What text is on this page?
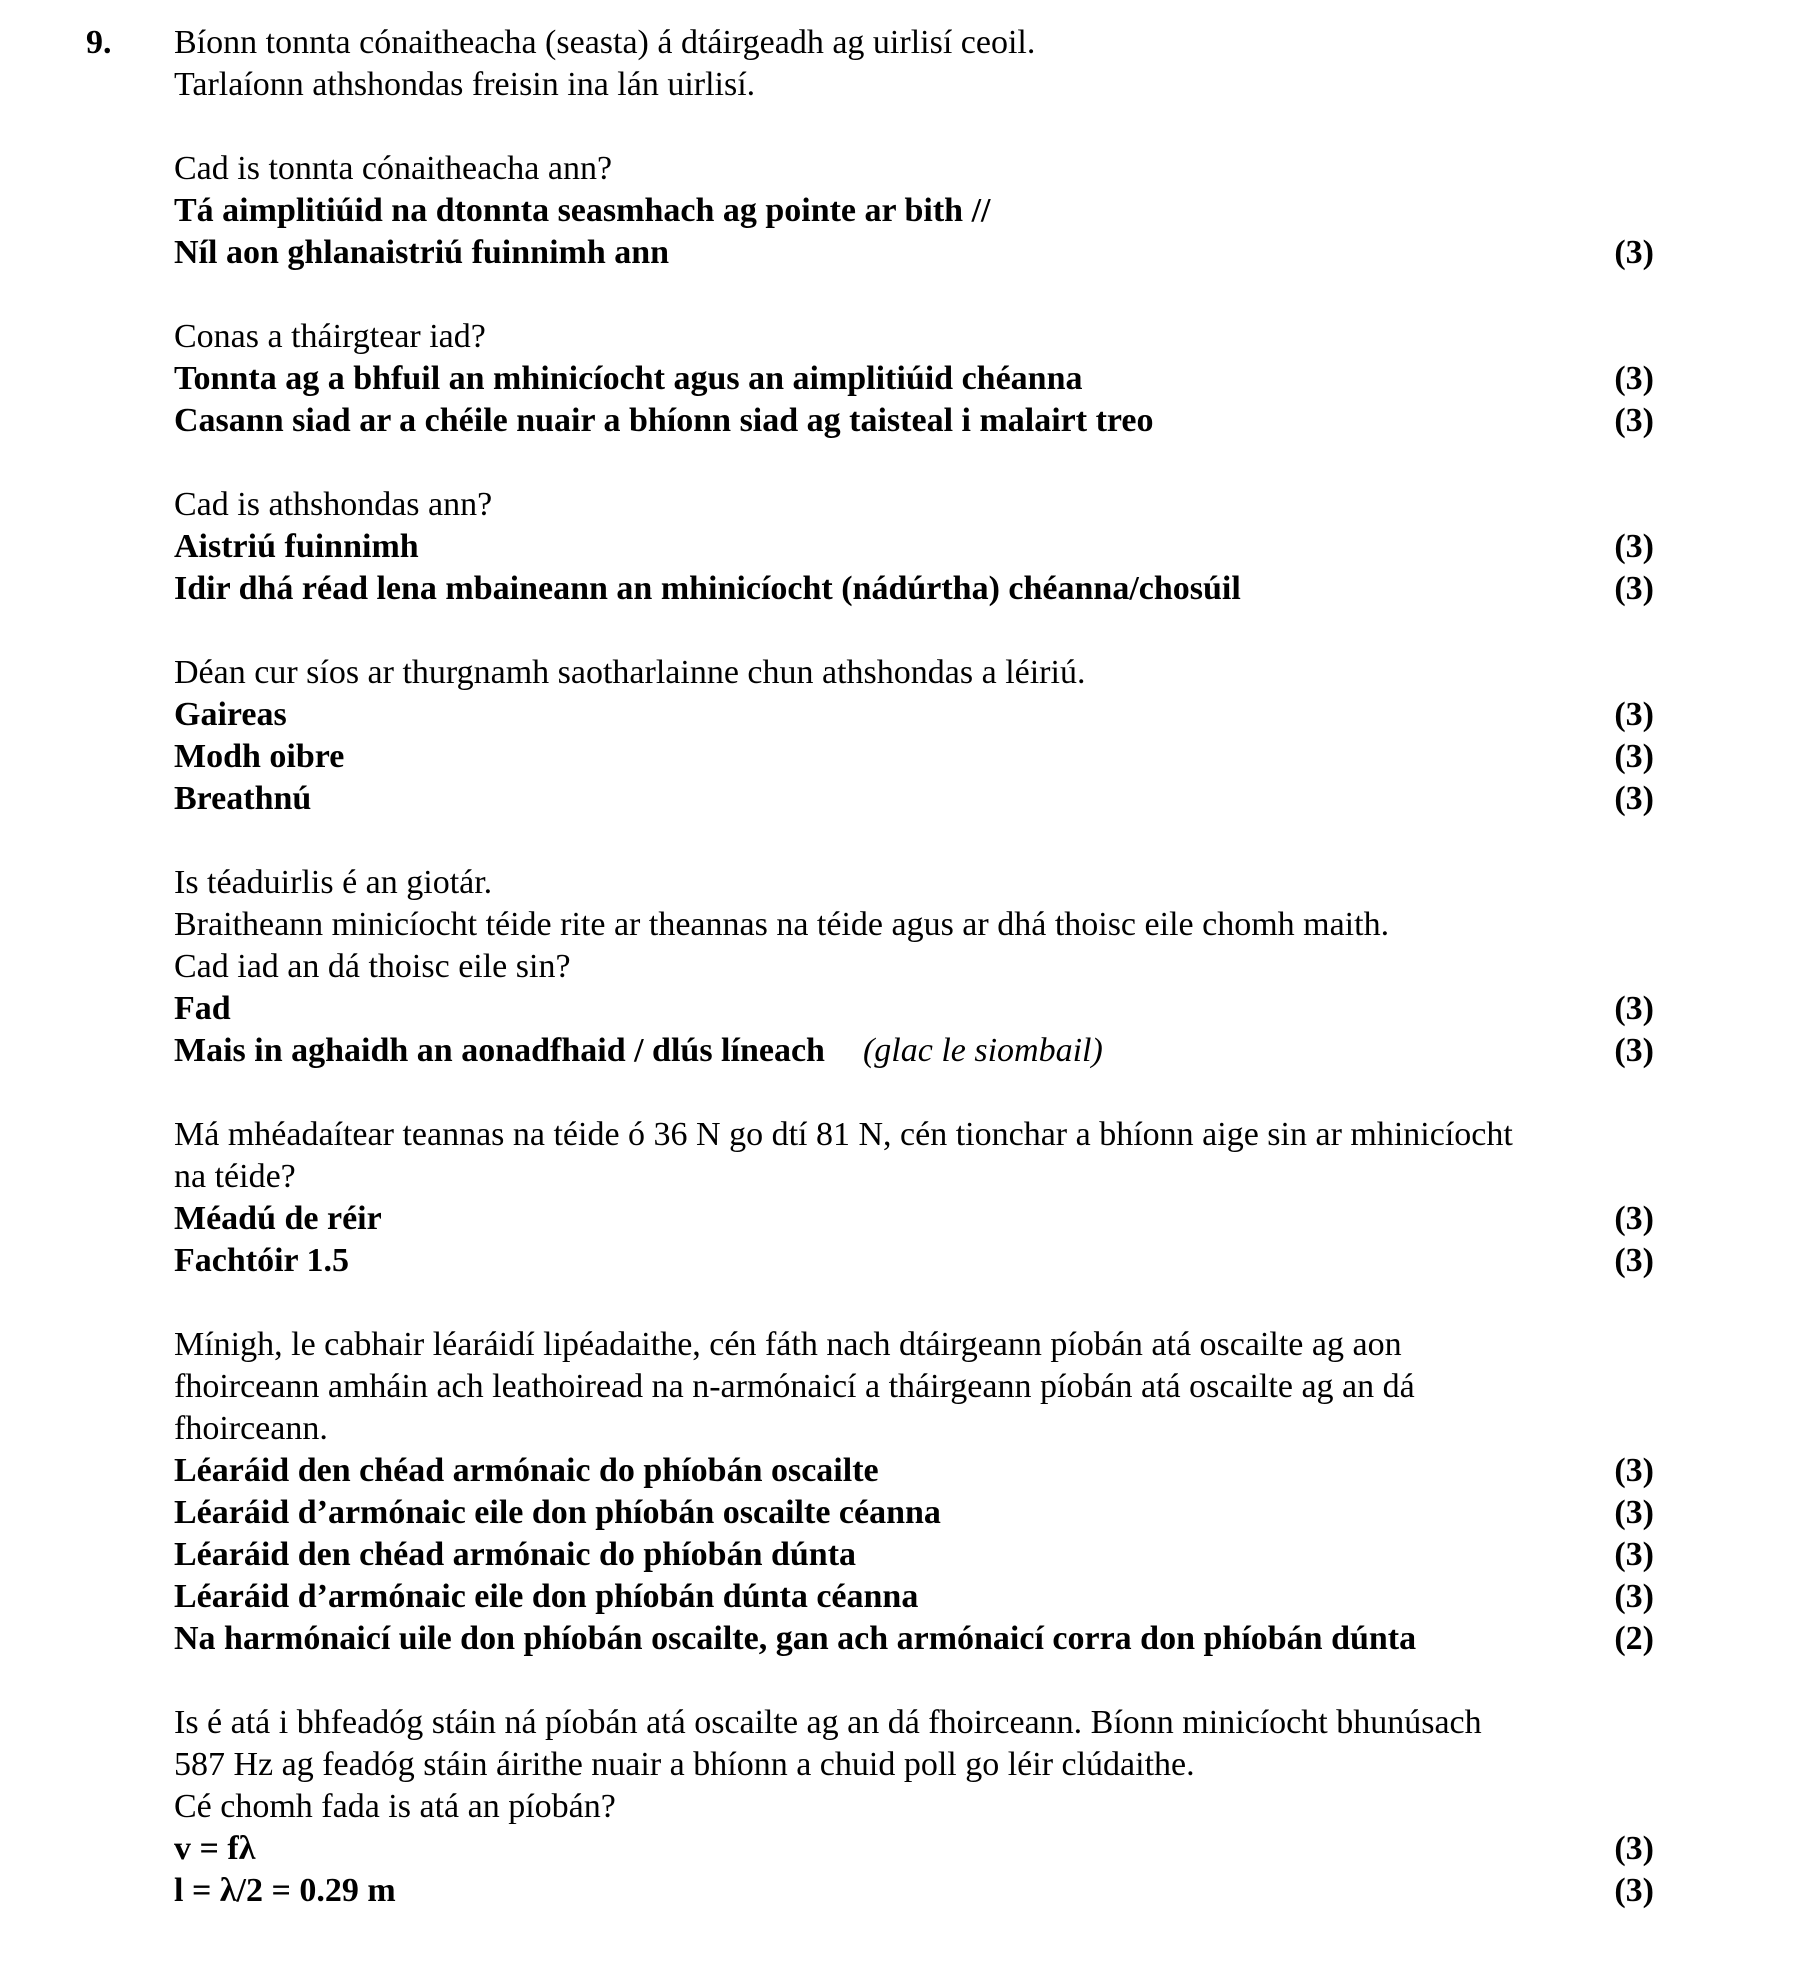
9. Bíonn tonnta cónaitheacha (seasta) á dtáirgeadh ag uirlisí ceoil.
Tarlaíonn athshondas freisin ina lán uirlisí.
Cad is tonnta cónaitheacha ann?
Tá aimplitiúid na dtonnta seasmhach ag pointe ar bith //
Níl aon ghlanaistriú fuinnimh ann	(3)
Conas a tháirgtear iad?
Tonnta ag a bhfuil an mhinicíocht agus an aimplitiúid chéanna	(3)
Casann siad ar a chéile nuair a bhíonn siad ag taisteal i malairt treo	(3)
Cad is athshondas ann?
Aistriú fuinnimh	(3)
Idir dhá réad lena mbaineann an mhinicíocht (nádúrtha) chéanna/chosúil	(3)
Déan cur síos ar thurgnamh saotharlainne chun athshondas a léiriú.
Gaireas	(3)
Modh oibre	(3)
Breathnú	(3)
Is téaduirlis é an giotár.
Braitheann minicíocht téide rite ar theannas na téide agus ar dhá thoisc eile chomh maith.
Cad iad an dá thoisc eile sin?
Fad	(3)
Mais in aghaidh an aonadfhaid / dlús líneach (glac le siombail)	(3)
Má mhéadaítear teannas na téide ó 36 N go dtí 81 N, cén tionchar a bhíonn aige sin ar mhinicíocht
na téide?
Méadú de réir	(3)
Fachtóir 1.5	(3)
Mínigh, le cabhair léaráidí lipéadaithe, cén fáth nach dtáirgeann píobán atá oscailte ag aon
fhoirceann amháin ach leathoiread na n-armónaicí a tháirgeann píobán atá oscailte ag an dá
fhoirceann.
Léaráid den chéad armónaic do phíobán oscailte	(3)
Léaráid d’armónaic eile don phíobán oscailte céanna	(3)
Léaráid den chéad armónaic do phíobán dúnta	(3)
Léaráid d’armónaic eile don phíobán dúnta céanna	(3)
Na harmónaicí uile don phíobán oscailte, gan ach armónaicí corra don phíobán dúnta	(2)
Is é atá i bhfeadóg stáin ná píobán atá oscailte ag an dá fhoirceann. Bíonn minicíocht bhunúsach
587 Hz ag feadóg stáin áirithe nuair a bhíonn a chuid poll go léir clúdaithe.
Cé chomh fada is atá an píobán?
v = fλ	(3)
l = λ/2 = 0.29 m	(3)
